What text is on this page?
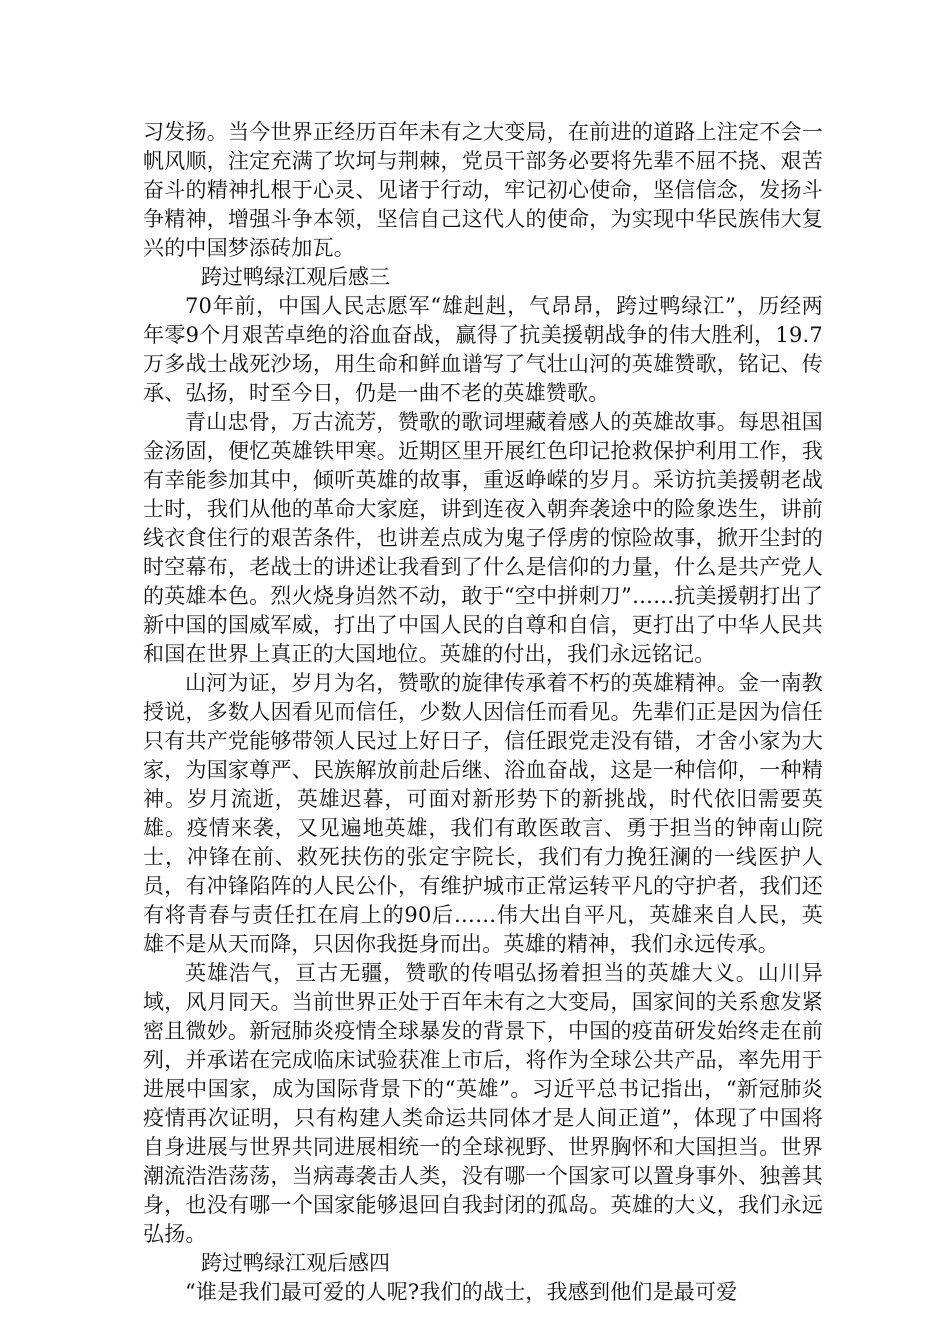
习发扬。当今世界正经历百年未有之大变局，在前进的道路上注定不会一帆风顺，注定充满了坎坷与荆棘，党员干部务必要将先辈不屈不挠、艰苦奋斗的精神扎根于心灵、见诸于行动，牢记初心使命，坚信信念，发扬斗争精神，增强斗争本领，坚信自己这代人的使命，为实现中华民族伟大复兴的中国梦添砖加瓦。

跨过鸭绿江观后感三

70年前，中国人民志愿军“雄赳赳，气昂昂，跨过鸭绿江”，历经两年零9个月艰苦卓绝的浴血奋战，赢得了抗美援朝战争的伟大胜利，19.7万多战士战死沙场，用生命和鲜血谱写了气壮山河的英雄赞歌，铭记、传承、弘扬，时至今日，仍是一曲不老的英雄赞歌。

青山忠骨，万古流芳，赞歌的歌词埋藏着感人的英雄故事。每思祖国金汤固，便忆英雄铁甲寒。近期区里开展红色印记抢救保护利用工作，我有幸能参加其中，倾听英雄的故事，重返峥嵘的岁月。采访抗美援朝老战士时，我们从他的革命大家庭，讲到连夜入朝奔袭途中的险象迭生，讲前线衣食住行的艰苦条件，也讲差点成为鬼子俘虏的惊险故事，掀开尘封的时空幕布，老战士的讲述让我看到了什么是信仰的力量，什么是共产党人的英雄本色。烈火烧身岿然不动，敢于“空中拼刺刀”……抗美援朝打出了新中国的国威军威，打出了中国人民的自尊和自信，更打出了中华人民共和国在世界上真正的大国地位。英雄的付出，我们永远铭记。

山河为证，岁月为名，赞歌的旋律传承着不朽的英雄精神。金一南教授说，多数人因看见而信任，少数人因信任而看见。先辈们正是因为信任只有共产党能够带领人民过上好日子，信任跟党走没有错，才舍小家为大家，为国家尊严、民族解放前赴后继、浴血奋战，这是一种信仰，一种精神。岁月流逝，英雄迟暮，可面对新形势下的新挑战，时代依旧需要英雄。疫情来袭，又见遍地英雄，我们有敢医敢言、勇于担当的钟南山院士，冲锋在前、救死扶伤的张定宇院长，我们有力挽狂澜的一线医护人员，有冲锋陷阵的人民公仆，有维护城市正常运转平凡的守护者，我们还有将青春与责任扛在肩上的90后……伟大出自平凡，英雄来自人民，英雄不是从天而降，只因你我挺身而出。英雄的精神，我们永远传承。

英雄浩气，亘古无疆，赞歌的传唱弘扬着担当的英雄大义。山川异域，风月同天。当前世界正处于百年未有之大变局，国家间的关系愈发紧密且微妙。新冠肺炎疫情全球暴发的背景下，中国的疫苗研发始终走在前列，并承诺在完成临床试验获准上市后，将作为全球公共产品，率先用于进展中国家，成为国际背景下的“英雄”。习近平总书记指出，“新冠肺炎疫情再次证明，只有构建人类命运共同体才是人间正道”，体现了中国将自身进展与世界共同进展相统一的全球视野、世界胸怀和大国担当。世界潮流浩浩荡荡，当病毒袭击人类，没有哪一个国家可以置身事外、独善其身，也没有哪一个国家能够退回自我封闭的孤岛。英雄的大义，我们永远弘扬。

跨过鸭绿江观后感四

“谁是我们最可爱的人呢?我们的战士，我感到他们是最可爱
